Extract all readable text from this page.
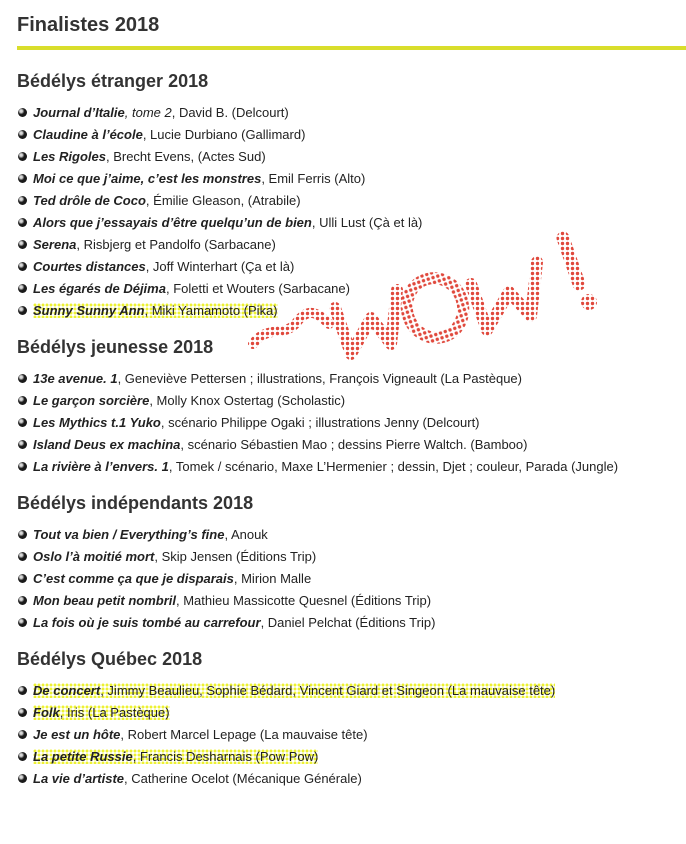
Finalistes 2018
Bédélys étranger 2018
Journal d’Italie, tome 2, David B. (Delcourt)
Claudine à l’école, Lucie Durbiano (Gallimard)
Les Rigoles, Brecht Evens, (Actes Sud)
Moi ce que j’aime, c’est les monstres, Emil Ferris (Alto)
Ted drôle de Coco, Émilie Gleason, (Atrabile)
Alors que j’essayais d’être quelqu’un de bien, Ulli Lust (Çà et là)
Serena, Risbjerg et Pandolfo (Sarbacane)
Courtes distances, Joff Winterhart (Ça et là)
Les égarés de Déjima, Foletti et Wouters (Sarbacane)
Sunny Sunny Ann, Miki Yamamoto (Pika)
Bédélys jeunesse 2018
13e avenue. 1, Geneviève Pettersen ; illustrations, François Vigneault (La Pastèque)
Le garçon sorcière, Molly Knox Ostertag (Scholastic)
Les Mythics t.1 Yuko, scénario Philippe Ogaki ; illustrations Jenny (Delcourt)
Island Deus ex machina, scénario Sébastien Mao ; dessins Pierre Waltch. (Bamboo)
La rivière à l’envers. 1, Tomek / scénario, Maxe L’Hermenier ; dessin, Djet ; couleur, Parada (Jungle)
Bédélys indépendants 2018
Tout va bien / Everything’s fine, Anouk
Oslo l’à moitié mort, Skip Jensen (Éditions Trip)
C’est comme ça que je disparais, Mirion Malle
Mon beau petit nombril, Mathieu Massicotte Quesnel (Éditions Trip)
La fois où je suis tombé au carrefour, Daniel Pelchat (Éditions Trip)
Bédélys Québec 2018
De concert, Jimmy Beaulieu, Sophie Bédard, Vincent Giard et Singeon (La mauvaise tête)
Folk, Iris (La Pastèque)
Je est un hôte, Robert Marcel Lepage (La mauvaise tête)
La petite Russie, Francis Desharnais (Pow Pow)
La vie d’artiste, Catherine Ocelot (Mécanique Générale)
